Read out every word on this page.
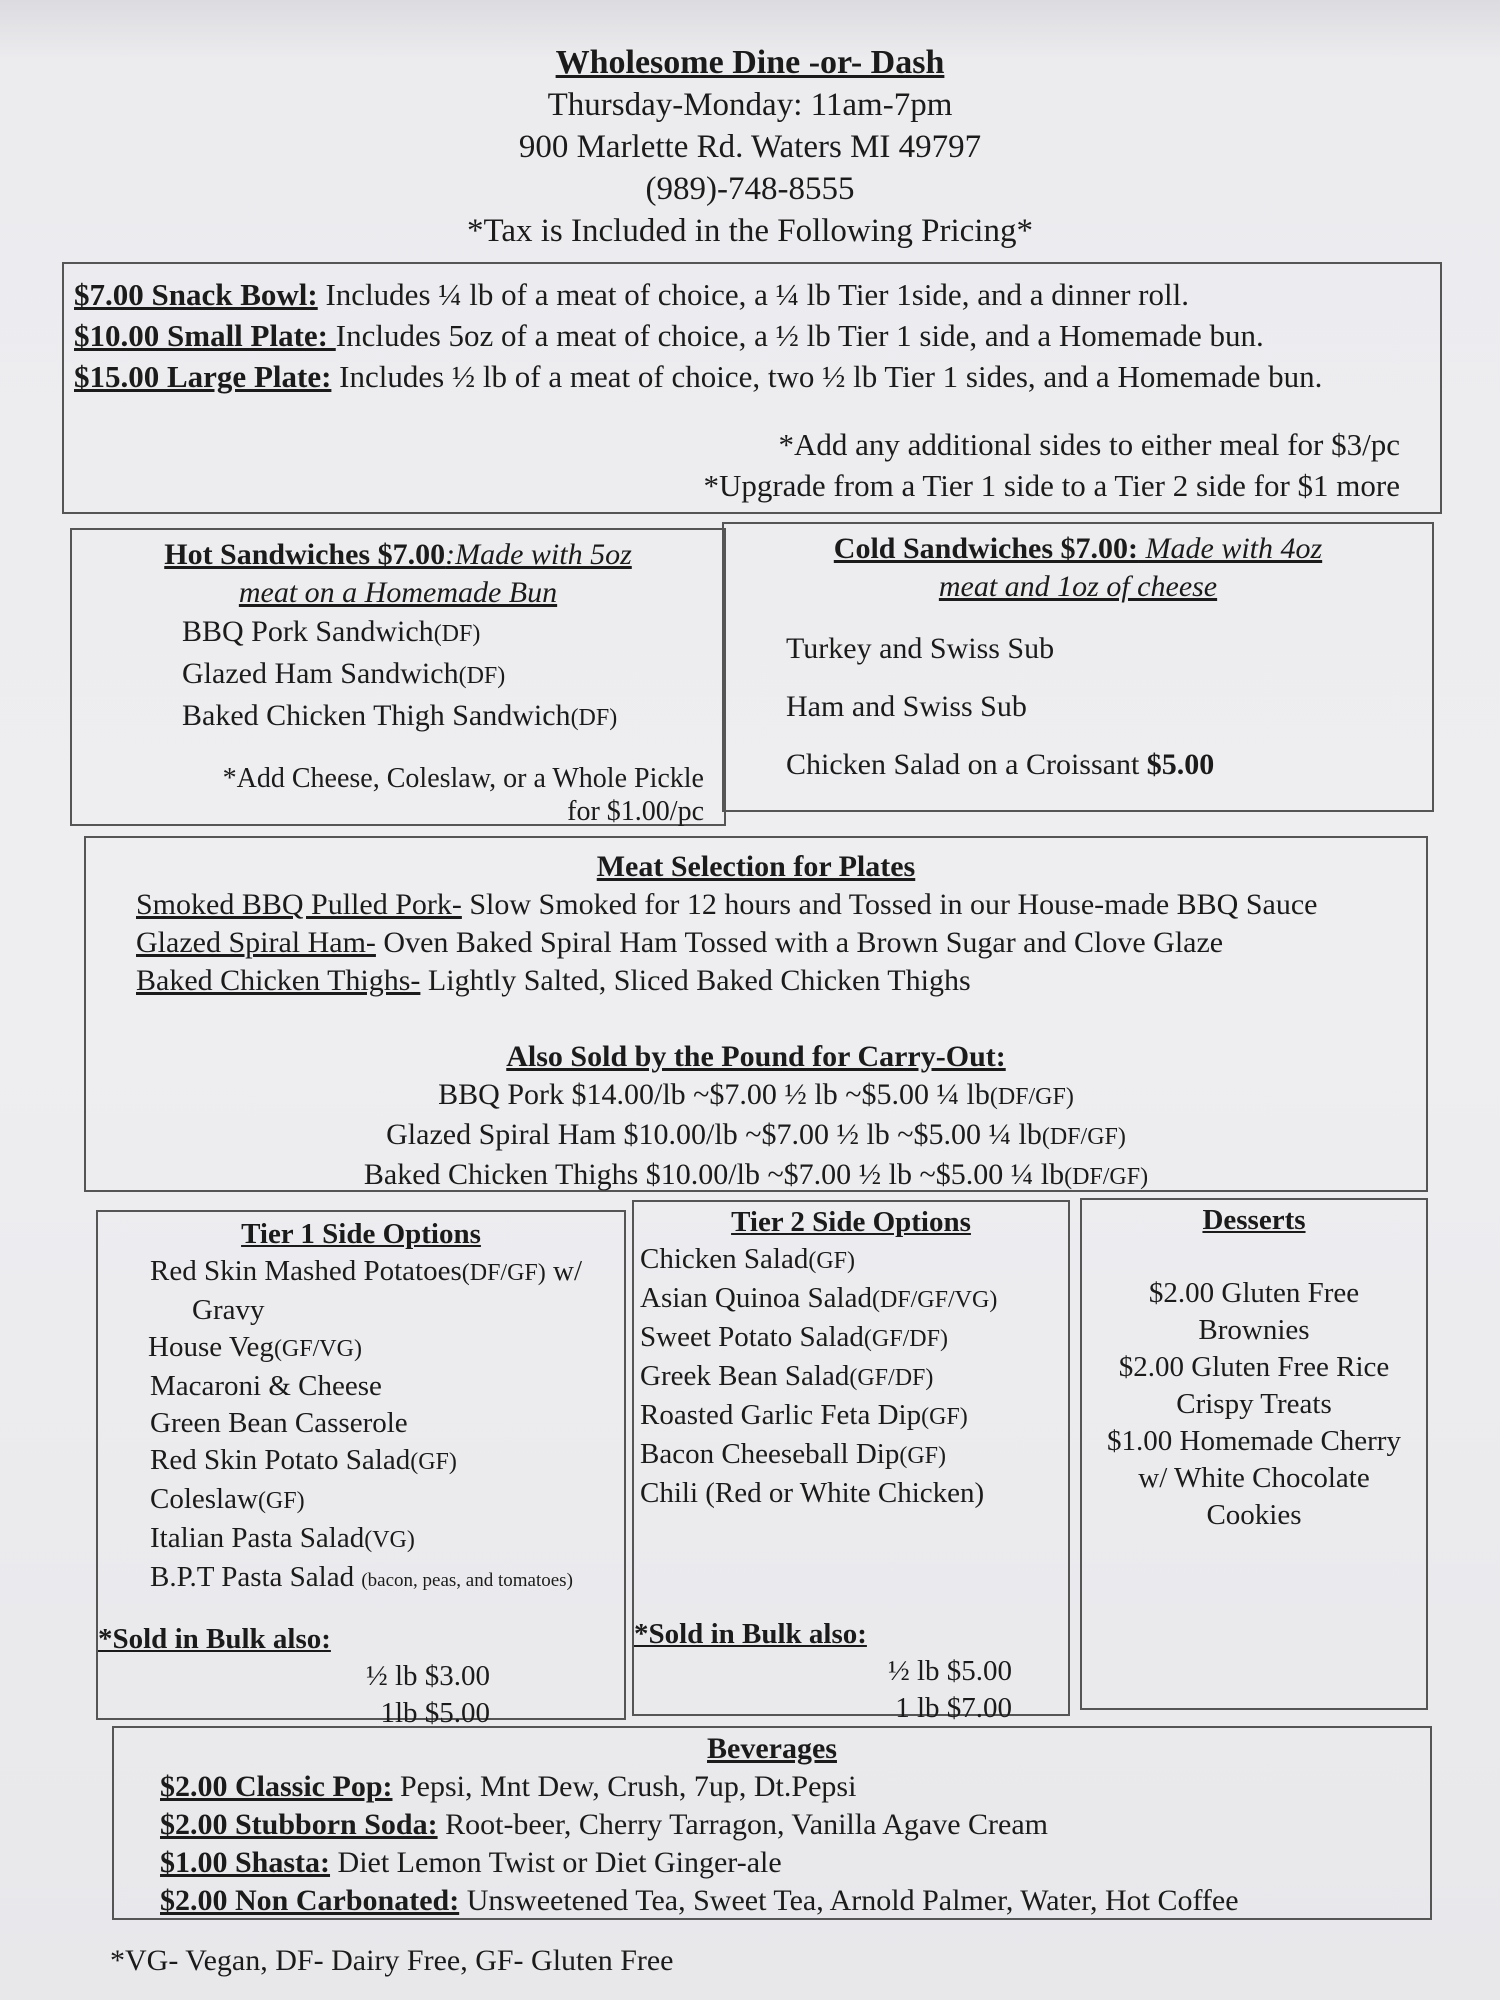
Wholesome Dine -or- Dash
Thursday-Monday: 11am-7pm
900 Marlette Rd. Waters MI 49797
(989)-748-8555
*Tax is Included in the Following Pricing*
$7.00 Snack Bowl: Includes ¼ lb of a meat of choice, a ¼ lb Tier 1side, and a dinner roll.
$10.00 Small Plate: Includes 5oz of a meat of choice, a ½ lb Tier 1 side, and a Homemade bun.
$15.00 Large Plate: Includes ½ lb of a meat of choice, two ½ lb Tier 1 sides, and a Homemade bun.
*Add any additional sides to either meal for $3/pc
*Upgrade from a Tier 1 side to a Tier 2 side for $1 more
Hot Sandwiches $7.00:Made with 5oz
meat on a Homemade Bun
BBQ Pork Sandwich(DF)
Glazed Ham Sandwich(DF)
Baked Chicken Thigh Sandwich(DF)
*Add Cheese, Coleslaw, or a Whole Pickle
for $1.00/pc
Cold Sandwiches $7.00: Made with 4oz
meat and 1oz of cheese
Turkey and Swiss Sub
Ham and Swiss Sub
Chicken Salad on a Croissant $5.00
Meat Selection for Plates
Smoked BBQ Pulled Pork- Slow Smoked for 12 hours and Tossed in our House-made BBQ Sauce
Glazed Spiral Ham- Oven Baked Spiral Ham Tossed with a Brown Sugar and Clove Glaze
Baked Chicken Thighs- Lightly Salted, Sliced Baked Chicken Thighs
Also Sold by the Pound for Carry-Out:
BBQ Pork $14.00/lb ~$7.00 ½ lb ~$5.00 ¼ lb(DF/GF)
Glazed Spiral Ham $10.00/lb ~$7.00 ½ lb ~$5.00 ¼ lb(DF/GF)
Baked Chicken Thighs $10.00/lb ~$7.00 ½ lb ~$5.00 ¼ lb(DF/GF)
Tier 1 Side Options
Red Skin Mashed Potatoes(DF/GF) w/
Gravy
House Veg(GF/VG)
Macaroni & Cheese
Green Bean Casserole
Red Skin Potato Salad(GF)
Coleslaw(GF)
Italian Pasta Salad(VG)
B.P.T Pasta Salad (bacon, peas, and tomatoes)
*Sold in Bulk also:
½ lb $3.00
1lb $5.00
Tier 2 Side Options
Chicken Salad(GF)
Asian Quinoa Salad(DF/GF/VG)
Sweet Potato Salad(GF/DF)
Greek Bean Salad(GF/DF)
Roasted Garlic Feta Dip(GF)
Bacon Cheeseball Dip(GF)
Chili (Red or White Chicken)
*Sold in Bulk also:
½ lb $5.00
1 lb $7.00
Desserts
$2.00 Gluten Free
Brownies
$2.00 Gluten Free Rice
Crispy Treats
$1.00 Homemade Cherry
w/ White Chocolate
Cookies
Beverages
$2.00 Classic Pop: Pepsi, Mnt Dew, Crush, 7up, Dt.Pepsi
$2.00 Stubborn Soda: Root-beer, Cherry Tarragon, Vanilla Agave Cream
$1.00 Shasta: Diet Lemon Twist or Diet Ginger-ale
$2.00 Non Carbonated: Unsweetened Tea, Sweet Tea, Arnold Palmer, Water, Hot Coffee
*VG- Vegan, DF- Dairy Free, GF- Gluten Free
